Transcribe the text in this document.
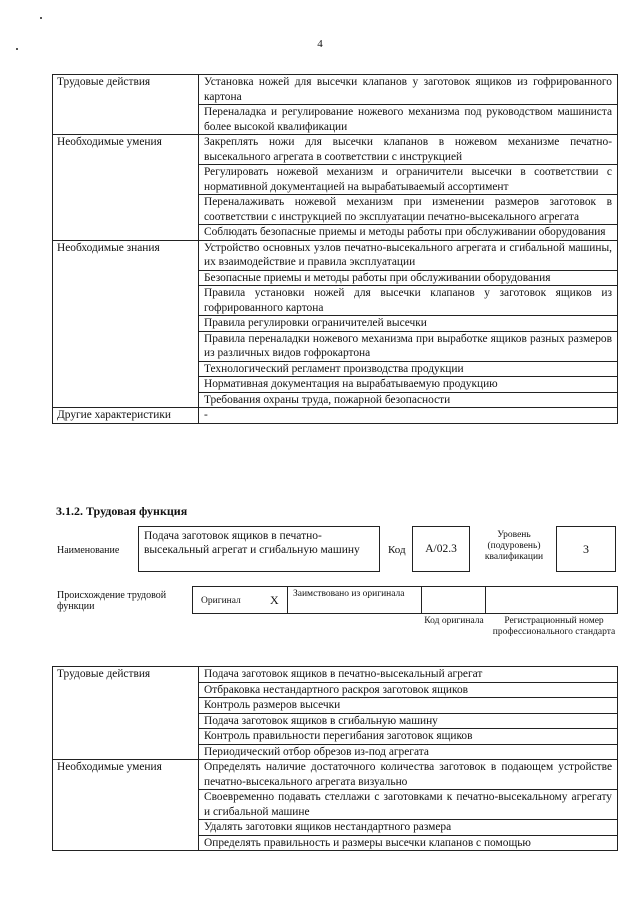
4
Трудовые действия	Установка ножей для высечки клапанов у заготовок ящиков из гофрированного картона
	Переналадка и регулирование ножевого механизма под руководством машиниста более высокой квалификации
Необходимые умения	Закреплять ножи для высечки клапанов в ножевом механизме печатно-высекального агрегата в соответствии с инструкцией
	Регулировать ножевой механизм и ограничители высечки в соответствии с нормативной документацией на вырабатываемый ассортимент
	Переналаживать ножевой механизм при изменении размеров заготовок в соответствии с инструкцией по эксплуатации печатно-высекального агрегата
	Соблюдать безопасные приемы и методы работы при обслуживании оборудования
Необходимые знания	Устройство основных узлов печатно-высекального агрегата и сгибальной машины, их взаимодействие и правила эксплуатации
	Безопасные приемы и методы работы при обслуживании оборудования
	Правила установки ножей для высечки клапанов у заготовок ящиков из гофрированного картона
	Правила регулировки ограничителей высечки
	Правила переналадки ножевого механизма при выработке ящиков разных размеров из различных видов гофрокартона
	Технологический регламент производства продукции
	Нормативная документация на вырабатываемую продукцию
	Требования охраны труда, пожарной безопасности
Другие характеристики	-
3.1.2. Трудовая функция
Наименование
Подача заготовок ящиков в печатно-высекальный агрегат и сгибальную машину	Код	А/02.3
Уровень (подуровень) квалификации
3
Происхождение трудовой функции	Оригинал X Заимствовано из оригинала
Код оригинала	Регистрационный номер профессионального стандарта
Трудовые действия	Подача заготовок ящиков в печатно-высекальный агрегат
	Отбраковка нестандартного раскроя заготовок ящиков
	Контроль размеров высечки
	Подача заготовок ящиков в сгибальную машину
	Контроль правильности перегибания заготовок ящиков
	Периодический отбор обрезов из-под агрегата
Необходимые умения	Определять наличие достаточного количества заготовок в подающем устройстве печатно-высекального агрегата визуально
	Своевременно подавать стеллажи с заготовками к печатно-высекальному агрегату и сгибальной машине
	Удалять заготовки ящиков нестандартного размера
	Определять правильность и размеры высечки клапанов с помощью
